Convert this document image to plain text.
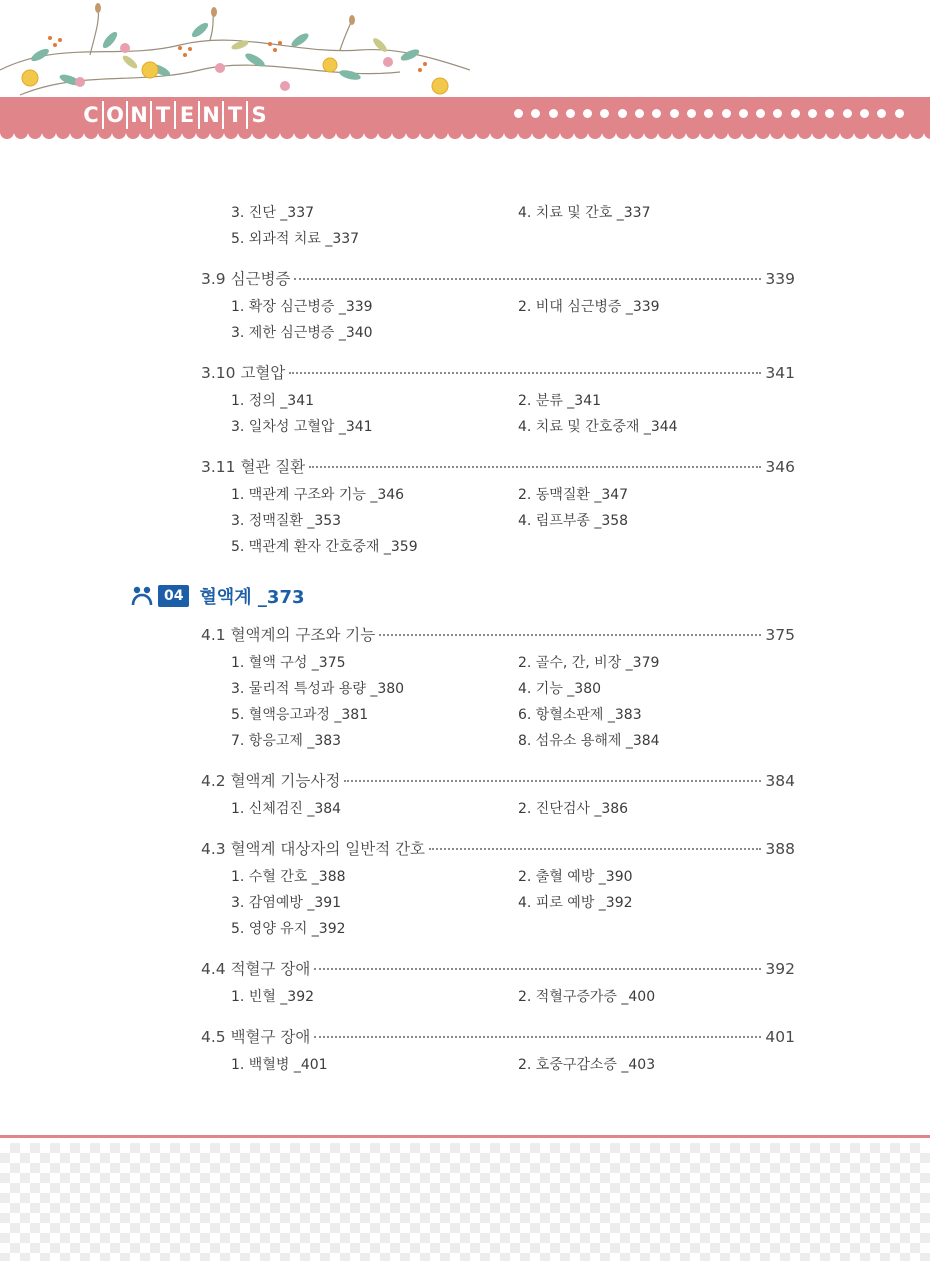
C O N T E N T S
3. 진단 _337	4. 치료 및 간호 _337
5. 외과적 치료 _337
3.9 심근병증	339
1. 확장 심근병증 _339	2. 비대 심근병증 _339
3. 제한 심근병증 _340
3.10 고혈압	341
1. 정의 _341	2. 분류 _341
3. 일차성 고혈압 _341	4. 치료 및 간호중재 _344
3.11 혈관 질환	346
1. 맥관계 구조와 기능 _346	2. 동맥질환 _347
3. 정맥질환 _353	4. 림프부종 _358
5. 맥관계 환자 간호중재 _359
4.1 혈액계의 구조와 기능	375
1. 혈액 구성 _375	2. 골수, 간, 비장 _379
3. 물리적 특성과 용량 _380	4. 기능 _380
5. 혈액응고과정 _381	6. 항혈소판제 _383
7. 항응고제 _383	8. 섬유소 용해제 _384
4.2 혈액계 기능사정	384
1. 신체검진 _384	2. 진단검사 _386
4.3 혈액계 대상자의 일반적 간호	388
1. 수혈 간호 _388	2. 출혈 예방 _390
3. 감염예방 _391	4. 피로 예방 _392
5. 영양 유지 _392
4.4 적혈구 장애	392
1. 빈혈 _392	2. 적혈구증가증 _400
4.5 백혈구 장애	401
1. 백혈병 _401	2. 호중구감소증 _403
04 혈액계 _373
